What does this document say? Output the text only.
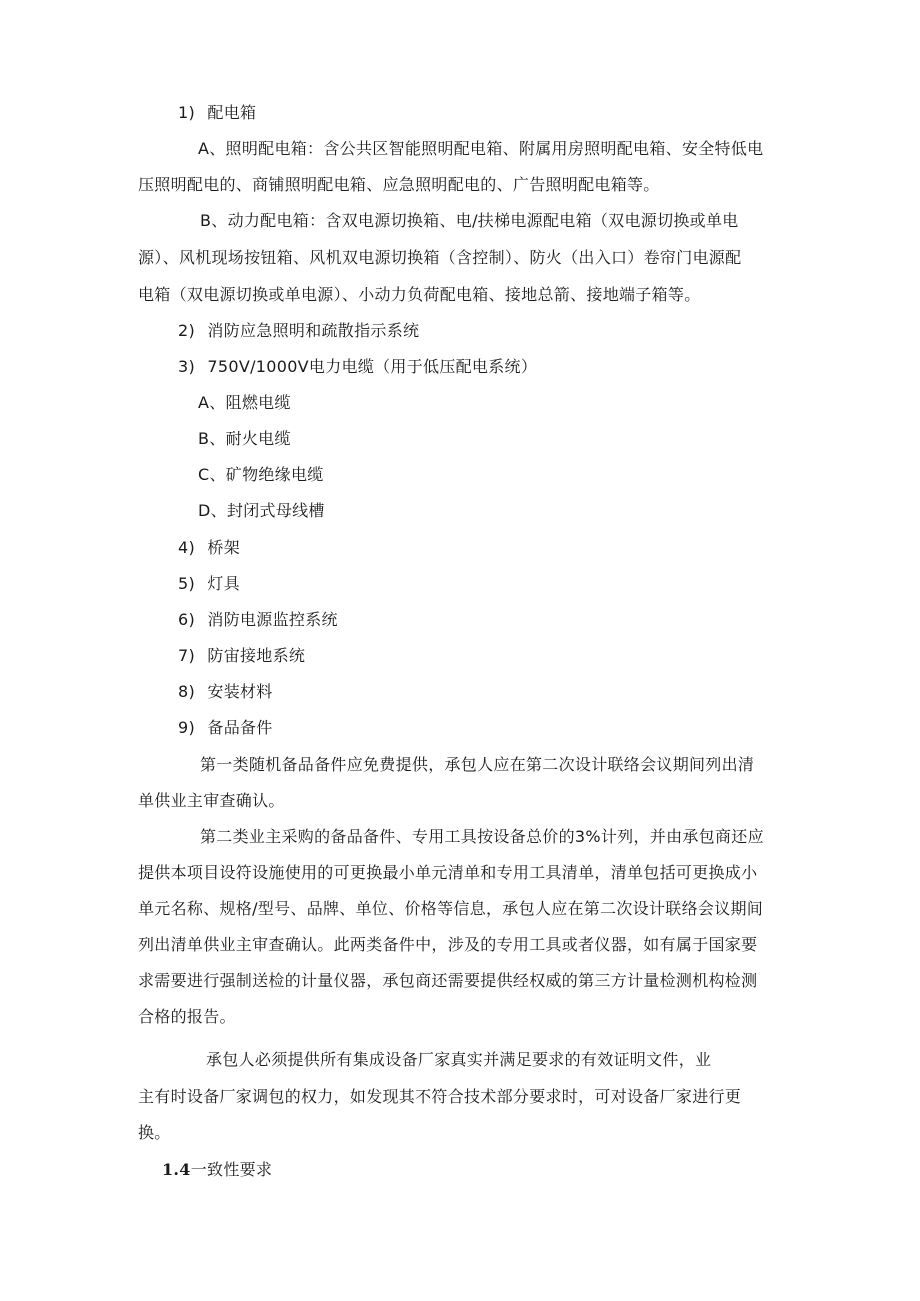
1) 配电箱
A、照明配电箱：含公共区智能照明配电箱、附属用房照明配电箱、安全特低电
压照明配电的、商铺照明配电箱、应急照明配电的、广告照明配电箱等。
B、动力配电箱：含双电源切换箱、电/扶梯电源配电箱（双电源切换或单电
源）、风机现场按钮箱、风机双电源切换箱（含控制）、防火（出入口）卷帘门电源配
电箱（双电源切换或单电源）、小动力负荷配电箱、接地总箭、接地端子箱等。
2) 消防应急照明和疏散指示系统
3) 750V/1000V电力电缆（用于低压配电系统）
A、阻燃电缆
B、耐火电缆
C、矿物绝缘电缆
D、封闭式母线槽
4) 桥架
5) 灯具
6) 消防电源监控系统
7) 防宙接地系统
8) 安装材料
9) 备品备件
第一类随机备品备件应免费提供，承包人应在第二次设计联络会议期间列出清
单供业主审查确认。
第二类业主采购的备品备件、专用工具按设备总价的3%计列，并由承包商还应
提供本项目设符设施使用的可更换最小单元清单和专用工具清单，清单包括可更换成小
单元名称、规格/型号、品牌、单位、价格等信息，承包人应在第二次设计联络会议期间
列出清单供业主审查确认。此两类备件中，涉及的专用工具或者仪器，如有属于国家要
求需要进行强制送检的计量仪器，承包商还需要提供经权威的第三方计量检测机构检测
合格的报告。
承包人必须提供所有集成设备厂家真实并满足要求的有效证明文件，业
主有时设备厂家调包的权力，如发现其不符合技术部分要求时，可对设备厂家进行更
换。
1.4一致性要求
